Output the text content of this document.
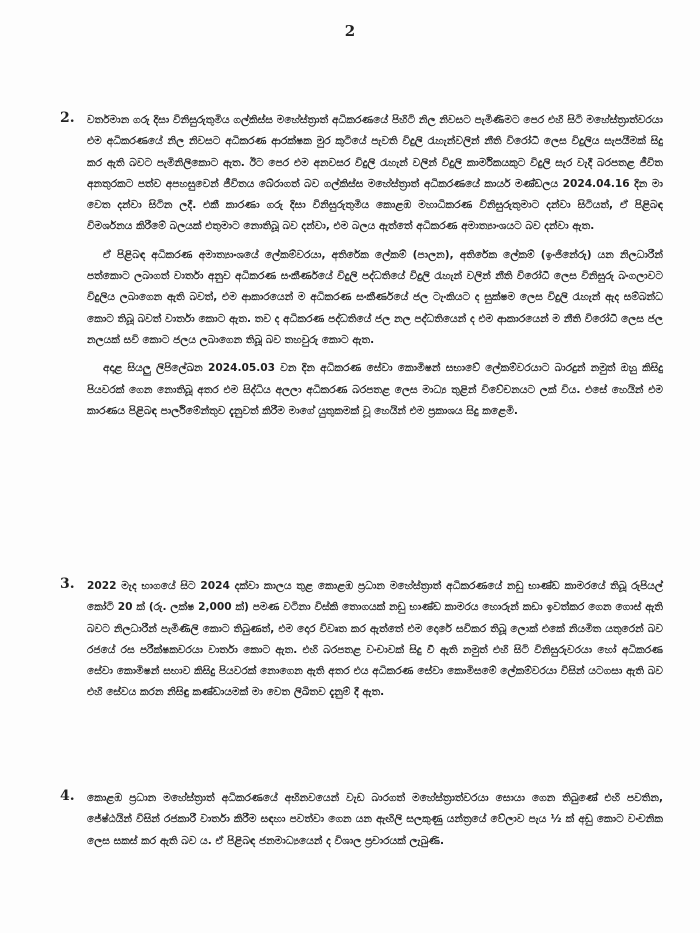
2
2. වර්තමාන ගරු දිසා විනිසුරුතුමිය ගල්කිස්ස මහේස්ත්‍රාත් අධිකරණයේ පිහිටි නිල නිවසට පැමිණිමට පෙර එහි සිටි මහේස්ත්‍රාත්වරයා එම අධිකරණයේ නිල නිවසට අධිකරණ ආරක්ෂක මුර කුටියේ පැවති විදුලි රැහැන්වලින් නීති විරෝධී ලෙස විදුලිය සැපයීමක් සිදු කර ඇති බවට පැමිනිලිකොට ඇත. ඊට පෙර එම අනවසර විදුලි රැහැන් වලින් විදුලි කාර්මිකයකුට විදුලි සැර වැදී බරපතළ ජීවිත අනතුරකට පත්ව අපහසුවෙන් ජීවිතය බේරාගත් බව ගල්කිස්ස මහේස්ත්‍රාත් අධිකරණයේ කාර්ය මණ්ඩලය 2024.04.16 දින මා වෙත දන්වා සිටින ලදී. එකී කාරණා ගරු දිසා විනිසුරුතුමිය කොළඹ මහාධිකරණ විනිසුරුතුමාට දන්වා සිටියත්, ඒ පිළිබඳ විමර්ශනය කිරීමේ බලයක් එතුමාට නොතිබූ බව දන්වා, එම බලය ඇත්තේ අධිකරණ අමාත්‍යාංශයට බව දන්වා ඇත.

ඒ පිළිබඳ අධිකරණ අමාත්‍යාංශයේ ලේකම්වරයා, අතිරේක ලේකම් (පාලන), අතිරේක ලේකම් (ඉංජිනේරු) යන නිලධාරීන් පත්කොට ලබාගත් වාර්තා අනුව අධිකරණ සංකීර්ණයේ විදුලි පද්ධතියේ විදුලි රැහැන් වලින් නීති විරෝධී ලෙස විනිසුරු බංගලාවට විදුලිය ලබාගෙන ඇති බවත්, එම ආකාරයෙන් ම අධිකරණ සංකීර්ණයේ ජල ටැංකියට ද සුක්ෂම ලෙස විදුලි රැහැන් ඇද සම්බන්ධ කොට තිබූ බවත් වාර්තා කොට ඇත. තව ද අධිකරණ පද්ධතියේ ජල නල පද්ධතියෙන් ද එම ආකාරයෙන් ම නීති විරෝධී ලෙස ජල නලයක් සවි කොට ජලය ලබාගෙන තිබූ බව තහවුරු කොට ඇත.

අදාළ සියලු ලිපිලේඛන 2024.05.03 වන දින අධිකරණ සේවා කොමිෂන් සභාවේ ලේකම්වරයාට බාරදුන් නමුත් ඔහු කිසිදු පියවරක් ගෙන නොතිබූ අතර එම සිද්ධිය අලලා අධිකරණ බරපතළ ලෙස මාධ්‍ය තුළින් විවේචනයට ලක් විය. එසේ හෙයින් එම කාරණය පිළිබඳ පාර්ලිමේන්තුව දැනුවත් කිරීම මාගේ යුතුකමක් වූ හෙයින් එම ප්‍රකාශය සිදු කළෙමි.

3. 2022 මැද භාගයේ සිට 2024 දක්වා කාලය තුළ කොළඹ ප්‍රධාන මහේස්ත්‍රාත් අධිකරණයේ නඩු භාණ්ඩ කාමරයේ තිබූ රුපියල් කෝටි 20 ක් (රු. ලක්ෂ 2,000 ක්) පමණ වටිනා විස්කි තොගයක් නඩු භාණ්ඩ කාමරය හොරුන් කඩා ඉවත්කර ගෙන ගොස් ඇති බවට නිලධාරීන් පැමිණිලි කොට තිබුණත්, එම දොර විවෘත කර ඇත්තේ එම දොරේ සවිකර තිබූ ලොක් එකේ නියමිත යතුරෙන් බව රජයේ රස පරීක්ෂකවරයා වාර්තා කොට ඇත. එහි බරපතළ වංචාවක් සිදු වී ඇති නමුත් එහි සිටි විනිසුරුවරයා හෝ අධිකරණ සේවා කොමිෂන් සභාව කිසිදු පියවරක් නොගෙන ඇති අතර එය අධිකරණ සේවා කොමිසමේ ලේකම්වරයා විසින් යටගසා ඇති බව එහි සේවය කරන නිසිඳු කණ්ඩායමක් මා වෙත ලිඛිතව දැනුම් දී ඇත.

4. කොළඹ ප්‍රධාන මහේස්ත්‍රාත් අධිකරණයේ අභිනවයෙන් වැඩ බාරගත් මහේස්ත්‍රාත්වරයා සොයා ගෙන තිබුණේ එහි පවතින, ජේෂ්ඨයින් විසින් රජකාරී වාර්තා කිරීම සඳහා පවත්වා ගෙන යන ඇඟිලි සලකුණු යන්ත්‍රයේ වේලාව පැය ½ ක් අඩු කොට වංචනික ලෙස සකස් කර ඇති බව ය. ඒ පිළිබඳ ජනමාධ්‍යයෙන් ද විශාල ප්‍රචාරයක් ලැබුණි.
